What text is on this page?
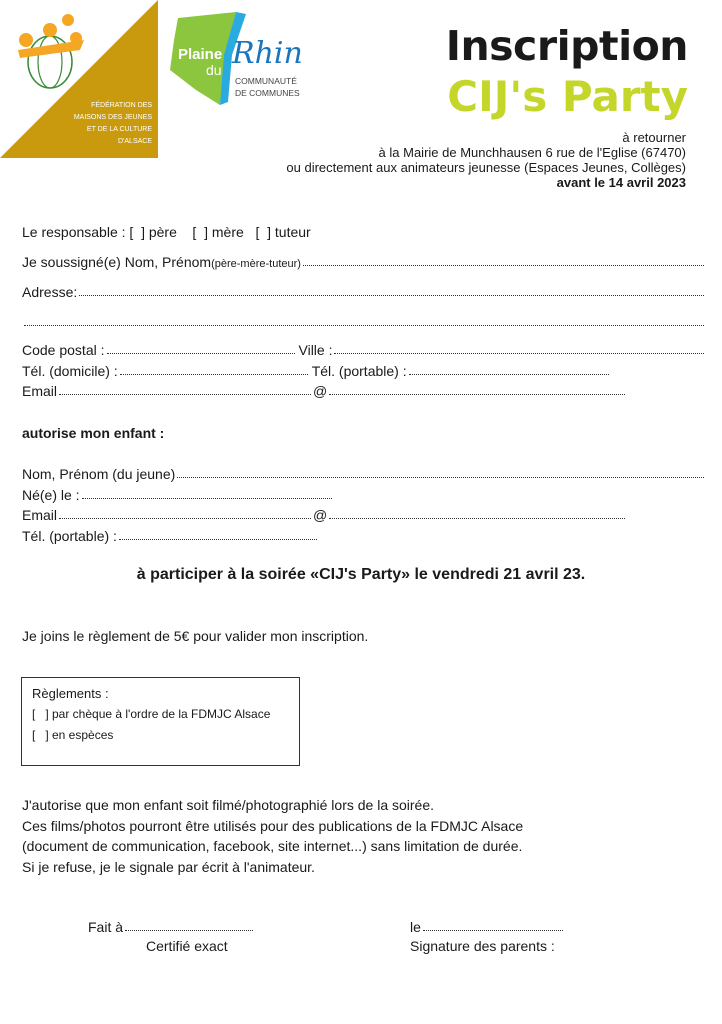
FÉDÉRATION DES
MAISONS DES JEUNES
ET DE LA CULTURE
D'ALSACE
Plaine
du Rhin
COMMUNAUTÉ
DE COMMUNES
Inscription
CIJ's Party
à retourner
à la Mairie de Munchhausen 6 rue de l'Eglise (67470)
ou directement aux animateurs jeunesse (Espaces Jeunes, Collèges)
avant le 14 avril 2023
Le responsable : [  ] père    [  ] mère   [  ] tuteur
Je soussigné(e) Nom, Prénom (père-mère-tuteur)
Adresse:
Code postal :	Ville :
Tél. (domicile) :	Tél. (portable) :
Email	@
autorise mon enfant :
Nom, Prénom (du jeune)
Né(e) le :
Email	@
Tél. (portable) :
à participer à la soirée «CIJ's Party» le vendredi 21 avril 23.
Je joins le règlement de 5€ pour valider mon inscription.
Règlements :
[   ] par chèque à l'ordre de la FDMJC Alsace
[   ] en espèces
J'autorise que mon enfant soit filmé/photographié lors de la soirée.
Ces films/photos pourront être utilisés pour des publications de la FDMJC Alsace
(document de communication, facebook, site internet...) sans limitation de durée.
Si je refuse, je le signale par écrit à l'animateur.
Fait à	le
Certifié exact	Signature des parents :
